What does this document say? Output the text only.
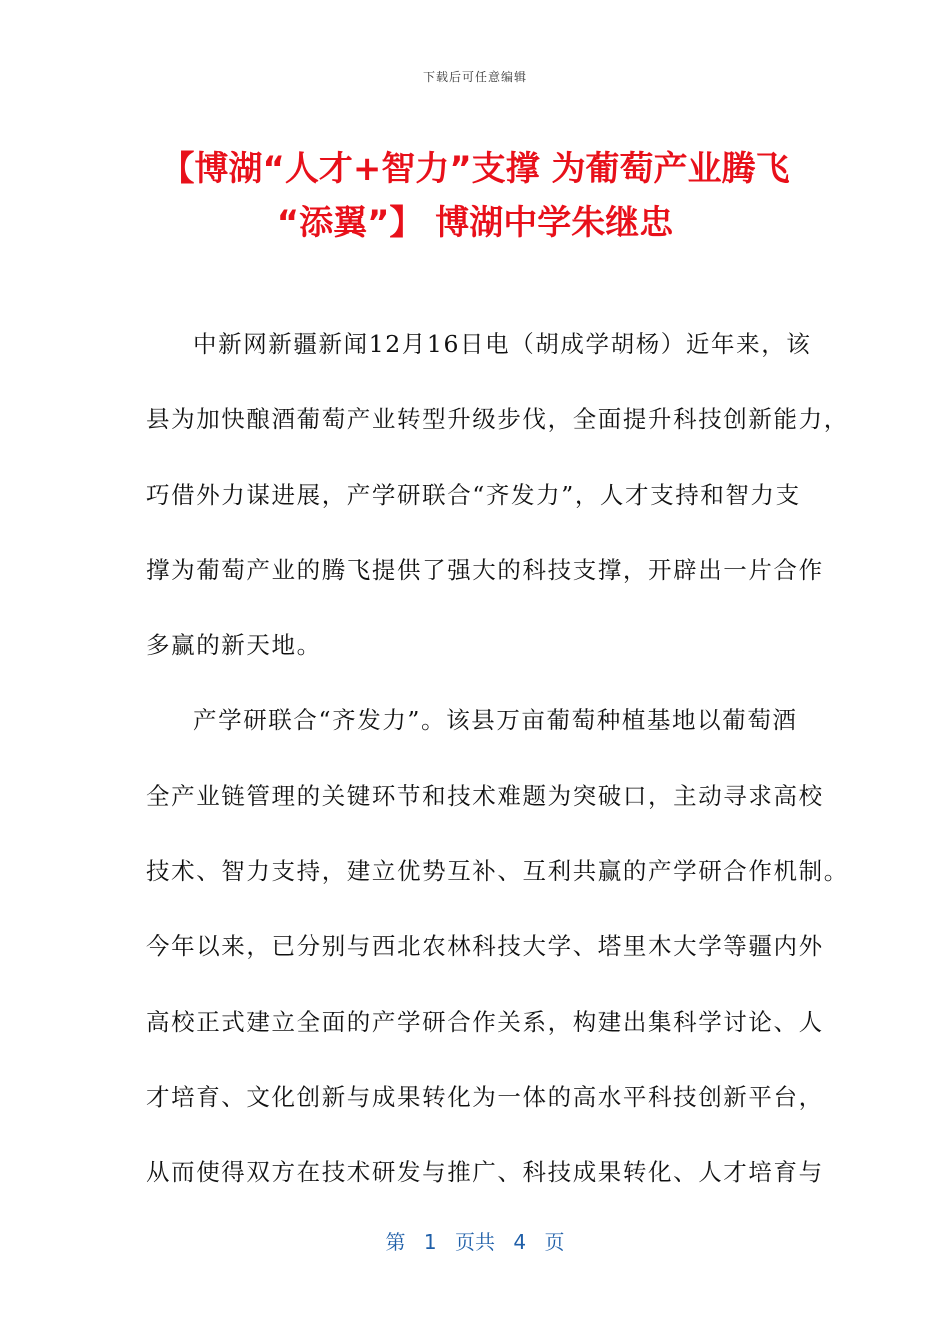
下载后可任意编辑
【博湖“人才+智力”支撑 为葡萄产业腾飞
“添翼”】 博湖中学朱继忠
中新网新疆新闻12月16日电（胡成学胡杨）近年来，该
县为加快酿酒葡萄产业转型升级步伐，全面提升科技创新能力，
巧借外力谋进展，产学研联合“齐发力”，人才支持和智力支
撑为葡萄产业的腾飞提供了强大的科技支撑，开辟出一片合作
多赢的新天地。
产学研联合“齐发力”。该县万亩葡萄种植基地以葡萄酒
全产业链管理的关键环节和技术难题为突破口，主动寻求高校
技术、智力支持，建立优势互补、互利共赢的产学研合作机制。
今年以来，已分别与西北农林科技大学、塔里木大学等疆内外
高校正式建立全面的产学研合作关系，构建出集科学讨论、人
才培育、文化创新与成果转化为一体的高水平科技创新平台，
从而使得双方在技术研发与推广、科技成果转化、人才培育与
第 1 页共 4 页
